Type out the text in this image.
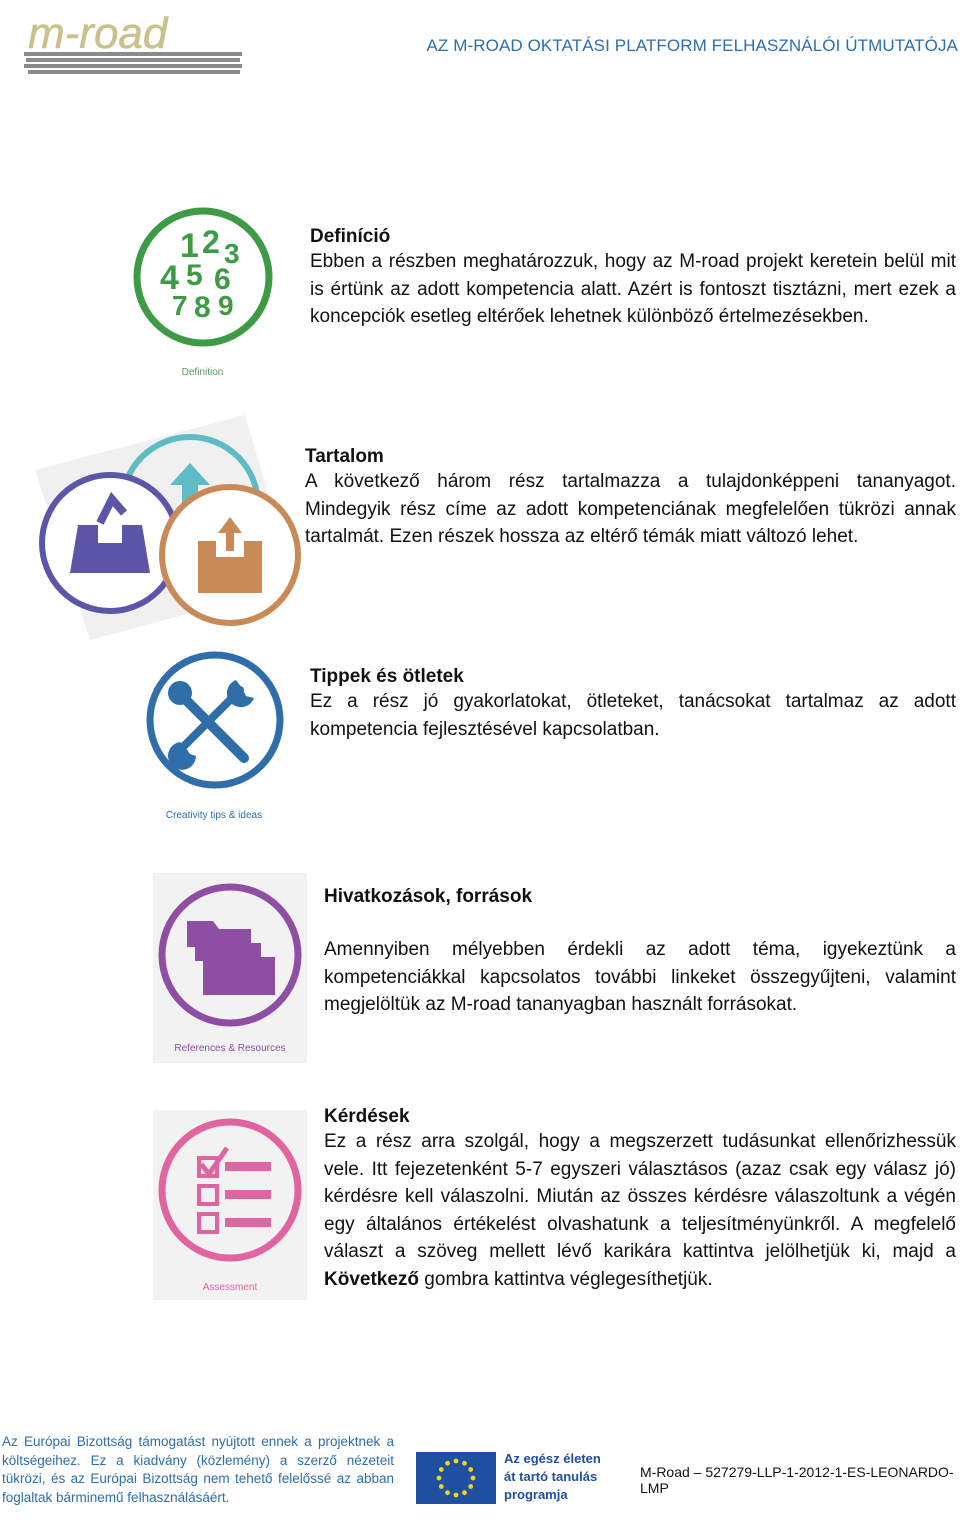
m-road	AZ M-ROAD OKTATÁSI PLATFORM FELHASZNÁLÓI ÚTMUTATÓJA
1 2 3
4 5 6
7 8 9
Definition

Definíció

Ebben a részben meghatározzuk, hogy az M-road projekt keretein belül mit is értünk az adott kompetencia alatt. Azért is fontoszt tisztázni, mert ezek a koncepciók esetleg eltérőek lehetnek különböző értelmezésekben.

Tartalom

A következő három rész tartalmazza a tulajdonképpeni tananyagot. Mindegyik rész címe az adott kompetenciának megfelelően tükrözi annak tartalmát. Ezen részek hossza az eltérő témák miatt változó lehet.

Creativity tips & ideas

Tippek és ötletek

Ez a rész jó gyakorlatokat, ötleteket, tanácsokat tartalmaz az adott kompetencia fejlesztésével kapcsolatban.

References & Resources

Hivatkozások, források

Amennyiben mélyebben érdekli az adott téma, igyekeztünk a kompetenciákkal kapcsolatos további linkeket összegyűjteni, valamint megjelöltük az M-road tananyagban használt forrásokat.

Assessment

Kérdések

Ez a rész arra szolgál, hogy a megszerzett tudásunkat ellenőrizhessük vele. Itt fejezetenként 5-7 egyszeri választásos (azaz csak egy válasz jó) kérdésre kell válaszolni. Miután az összes kérdésre válaszoltunk a végén egy általános értékelést olvashatunk a teljesítményünkről. A megfelelő választ a szöveg mellett lévő karikára kattintva jelölhetjük ki, majd a Következő gombra kattintva véglegesíthetjük.

Az Európai Bizottság támogatást nyújtott ennek a projektnek a költségeihez. Ez a kiadvány (közlemény) a szerző nézeteit tükrözi, és az Európai Bizottság nem tehető felelőssé az abban foglaltak bárminemű felhasználásáért.
Az egész életen
át tartó tanulás
programja
M-Road – 527279-LLP-1-2012-1-ES-LEONARDO-LMP
